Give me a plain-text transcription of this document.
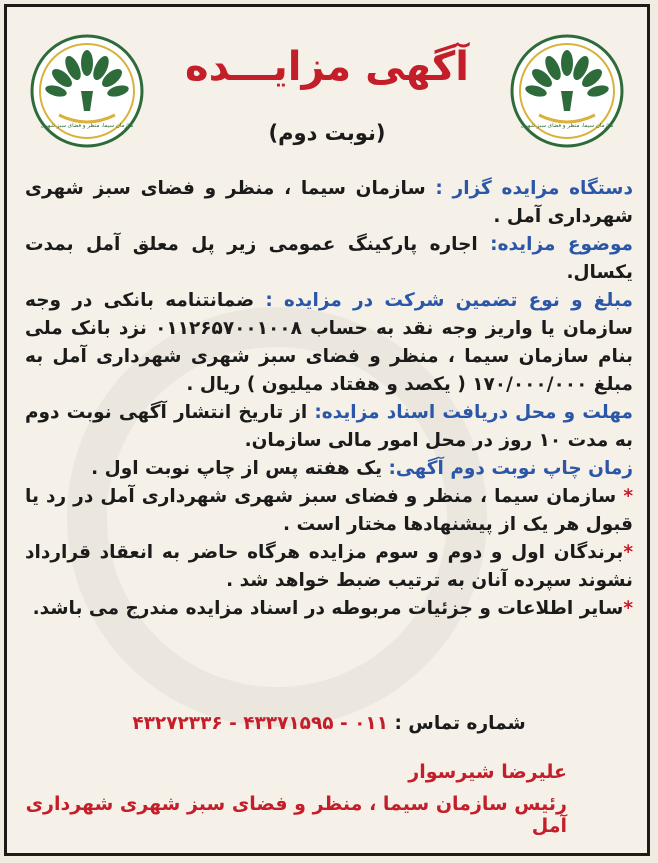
سازمان سیما، منظر و فضای سبز شهری
سازمان سیما، منظر و فضای سبز شهری
آگهی مزایـــده
(نوبت دوم)

دستگاه مزایده گزار : سازمان سیما ، منظر و فضای سبز شهری شهرداری آمل .

موضوع مزایده: اجاره پارکینگ عمومی زیر پل معلق آمل بمدت یکسال.

مبلغ و نوع تضمین شرکت در مزایده : ضمانتنامه بانکی در وجه سازمان یا واریز وجه نقد به حساب ۰۱۱۲۶۵۷۰۰۱۰۰۸ نزد بانک ملی بنام سازمان سیما ، منظر و فضای سبز شهری شهرداری آمل به مبلغ ۱۷۰/۰۰۰/۰۰۰ ( یکصد و هفتاد میلیون ) ریال .

مهلت و محل دریافت اسناد مزایده: از تاریخ انتشار آگهی نوبت دوم به مدت ۱۰ روز در محل امور مالی سازمان.

زمان چاپ نوبت دوم آگهی: یک هفته پس از چاپ نوبت اول .

* سازمان سیما ، منظر و فضای سبز شهری شهرداری آمل در رد یا قبول هر یک از پیشنهادها مختار است .

*برندگان اول و دوم و سوم مزایده هرگاه حاضر به انعقاد قرارداد نشوند سپرده آنان به ترتیب ضبط خواهد شد .

*سایر اطلاعات و جزئیات مربوطه در اسناد مزایده مندرج می باشد.

شماره تماس : ۴۳۲۷۲۳۳۶ - ۴۳۳۷۱۵۹۵ - ۰۱۱
علیرضا شیرسوار
رئیس سازمان سیما ، منظر و فضای سبز شهری شهرداری آمل
